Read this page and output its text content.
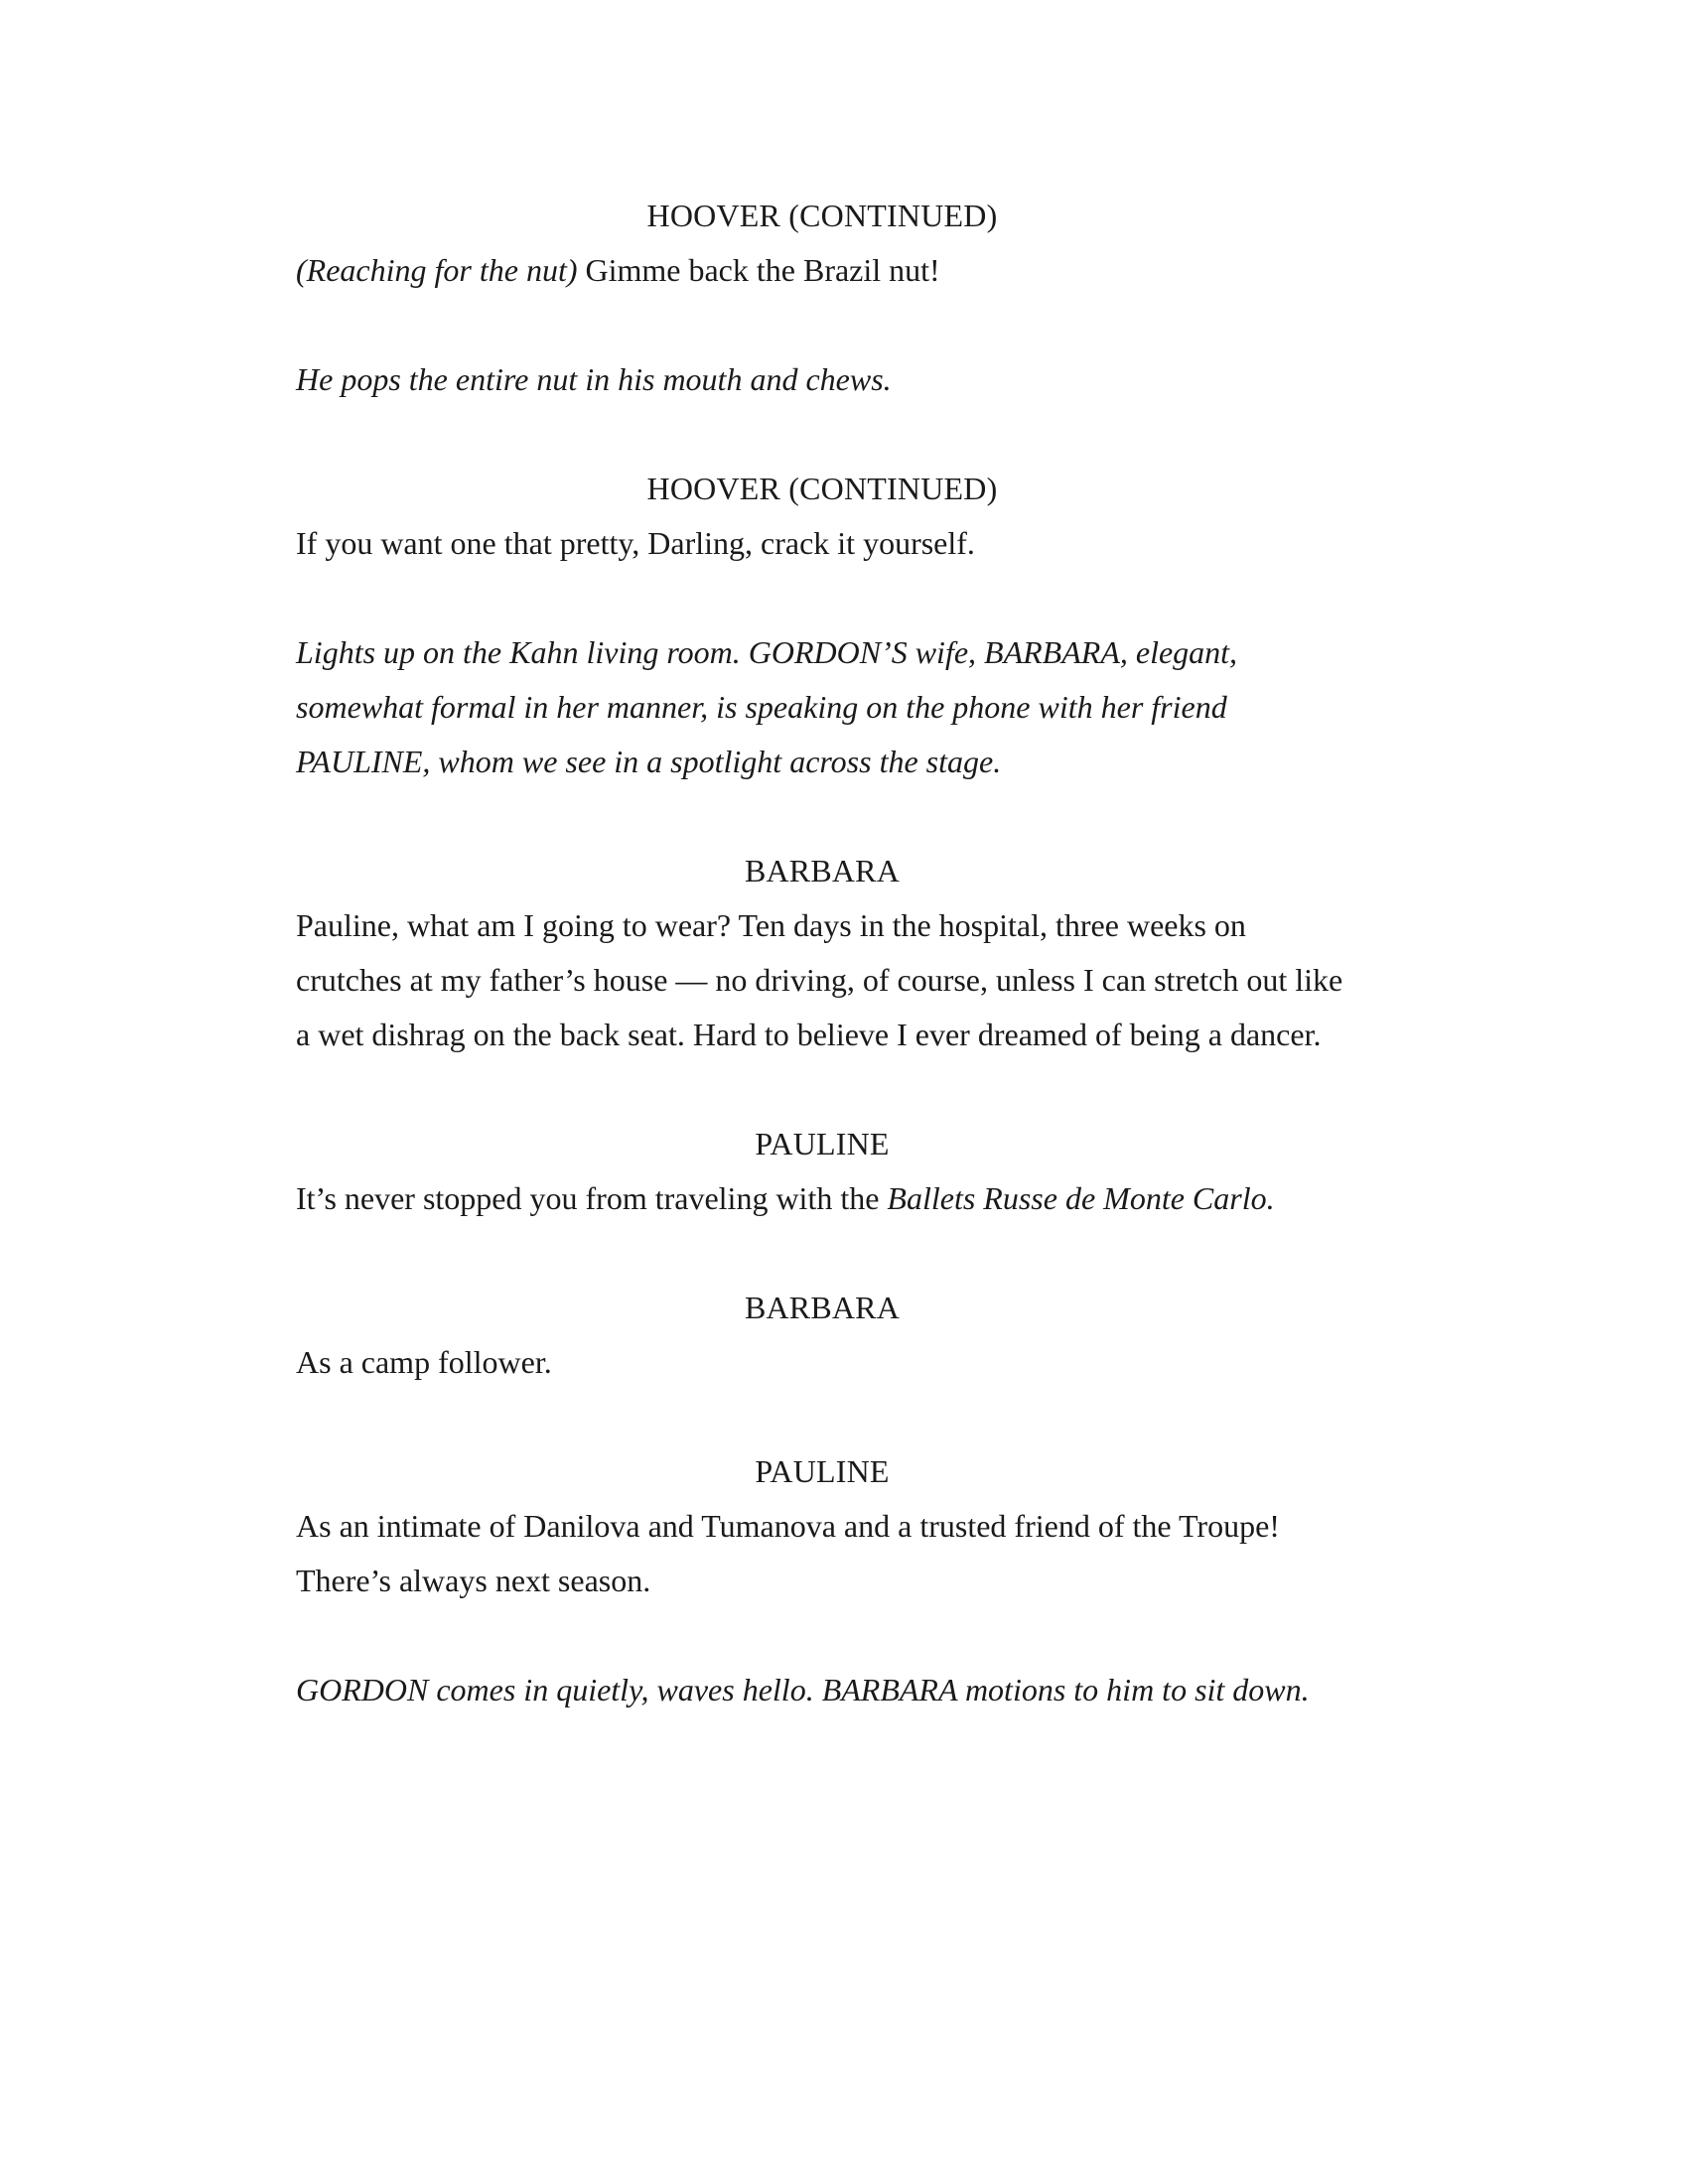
HOOVER (CONTINUED)

(Reaching for the nut) Gimme back the Brazil nut!

He pops the entire nut in his mouth and chews.

HOOVER (CONTINUED)

If you want one that pretty, Darling, crack it yourself.

Lights up on the Kahn living room. GORDON’S wife, BARBARA, elegant, somewhat formal in her manner, is speaking on the phone with her friend PAULINE, whom we see in a spotlight across the stage.

BARBARA

Pauline, what am I going to wear? Ten days in the hospital, three weeks on crutches at my father’s house — no driving, of course, unless I can stretch out like a wet dishrag on the back seat. Hard to believe I ever dreamed of being a dancer.

PAULINE

It’s never stopped you from traveling with the Ballets Russe de Monte Carlo.

BARBARA

As a camp follower.

PAULINE

As an intimate of Danilova and Tumanova and a trusted friend of the Troupe! There’s always next season.

GORDON comes in quietly, waves hello. BARBARA motions to him to sit down.
